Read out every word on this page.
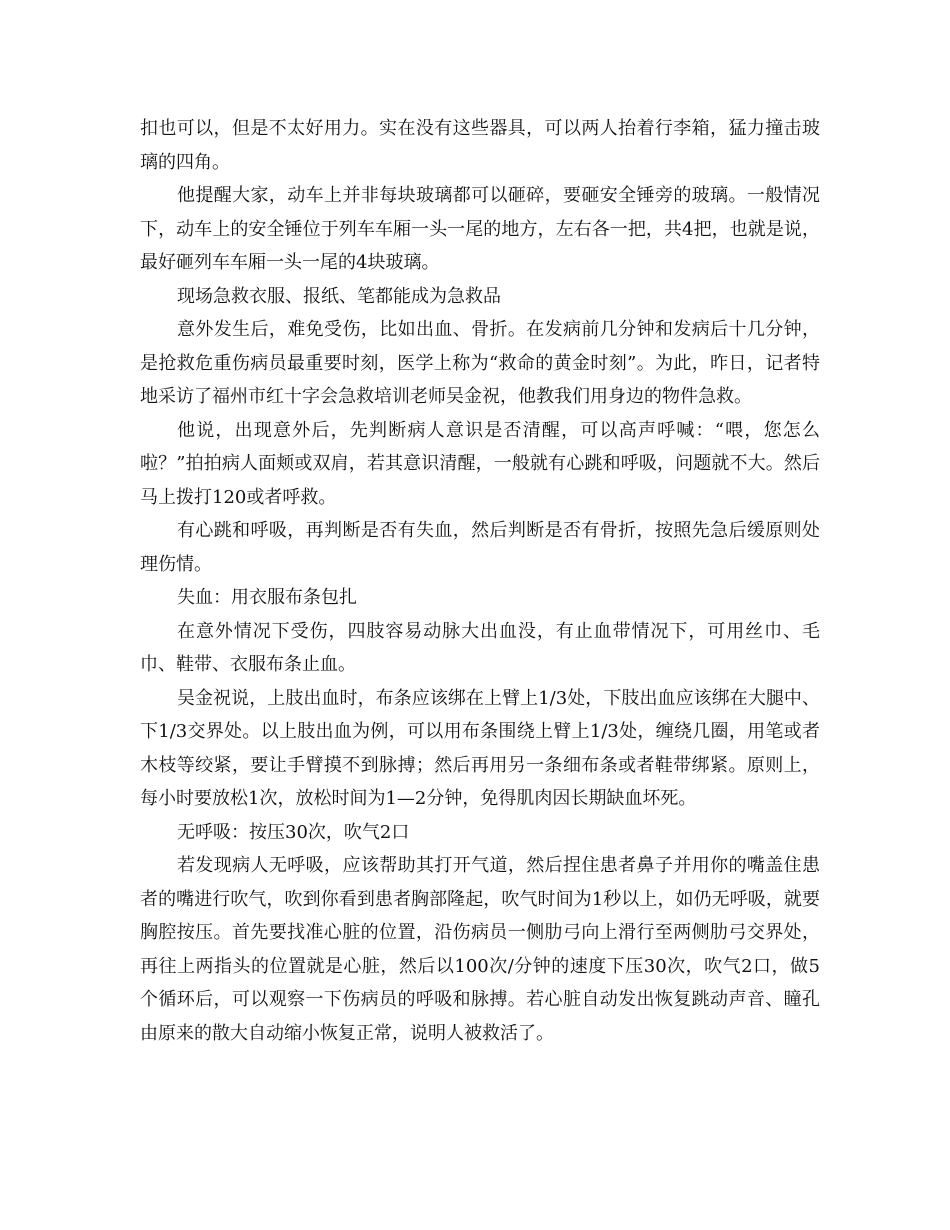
扣也可以，但是不太好用力。实在没有这些器具，可以两人抬着行李箱，猛力撞击玻璃的四角。

他提醒大家，动车上并非每块玻璃都可以砸碎，要砸安全锤旁的玻璃。一般情况下，动车上的安全锤位于列车车厢一头一尾的地方，左右各一把，共4把，也就是说，最好砸列车车厢一头一尾的4块玻璃。

现场急救衣服、报纸、笔都能成为急救品

意外发生后，难免受伤，比如出血、骨折。在发病前几分钟和发病后十几分钟，是抢救危重伤病员最重要时刻，医学上称为“救命的黄金时刻”。为此，昨日，记者特地采访了福州市红十字会急救培训老师吴金祝，他教我们用身边的物件急救。

他说，出现意外后，先判断病人意识是否清醒，可以高声呼喊：“喂，您怎么啦？”拍拍病人面颊或双肩，若其意识清醒，一般就有心跳和呼吸，问题就不大。然后马上拨打120或者呼救。

有心跳和呼吸，再判断是否有失血，然后判断是否有骨折，按照先急后缓原则处理伤情。

失血：用衣服布条包扎

在意外情况下受伤，四肢容易动脉大出血没，有止血带情况下，可用丝巾、毛巾、鞋带、衣服布条止血。

吴金祝说，上肢出血时，布条应该绑在上臂上1/3处，下肢出血应该绑在大腿中、下1/3交界处。以上肢出血为例，可以用布条围绕上臂上1/3处，缠绕几圈，用笔或者木枝等绞紧，要让手臂摸不到脉搏；然后再用另一条细布条或者鞋带绑紧。原则上，每小时要放松1次，放松时间为1—2分钟，免得肌肉因长期缺血坏死。

无呼吸：按压30次，吹气2口

若发现病人无呼吸，应该帮助其打开气道，然后捏住患者鼻子并用你的嘴盖住患者的嘴进行吹气，吹到你看到患者胸部隆起，吹气时间为1秒以上，如仍无呼吸，就要胸腔按压。首先要找准心脏的位置，沿伤病员一侧肋弓向上滑行至两侧肋弓交界处，再往上两指头的位置就是心脏，然后以100次/分钟的速度下压30次，吹气2口，做5个循环后，可以观察一下伤病员的呼吸和脉搏。若心脏自动发出恢复跳动声音、瞳孔由原来的散大自动缩小恢复正常，说明人被救活了。
